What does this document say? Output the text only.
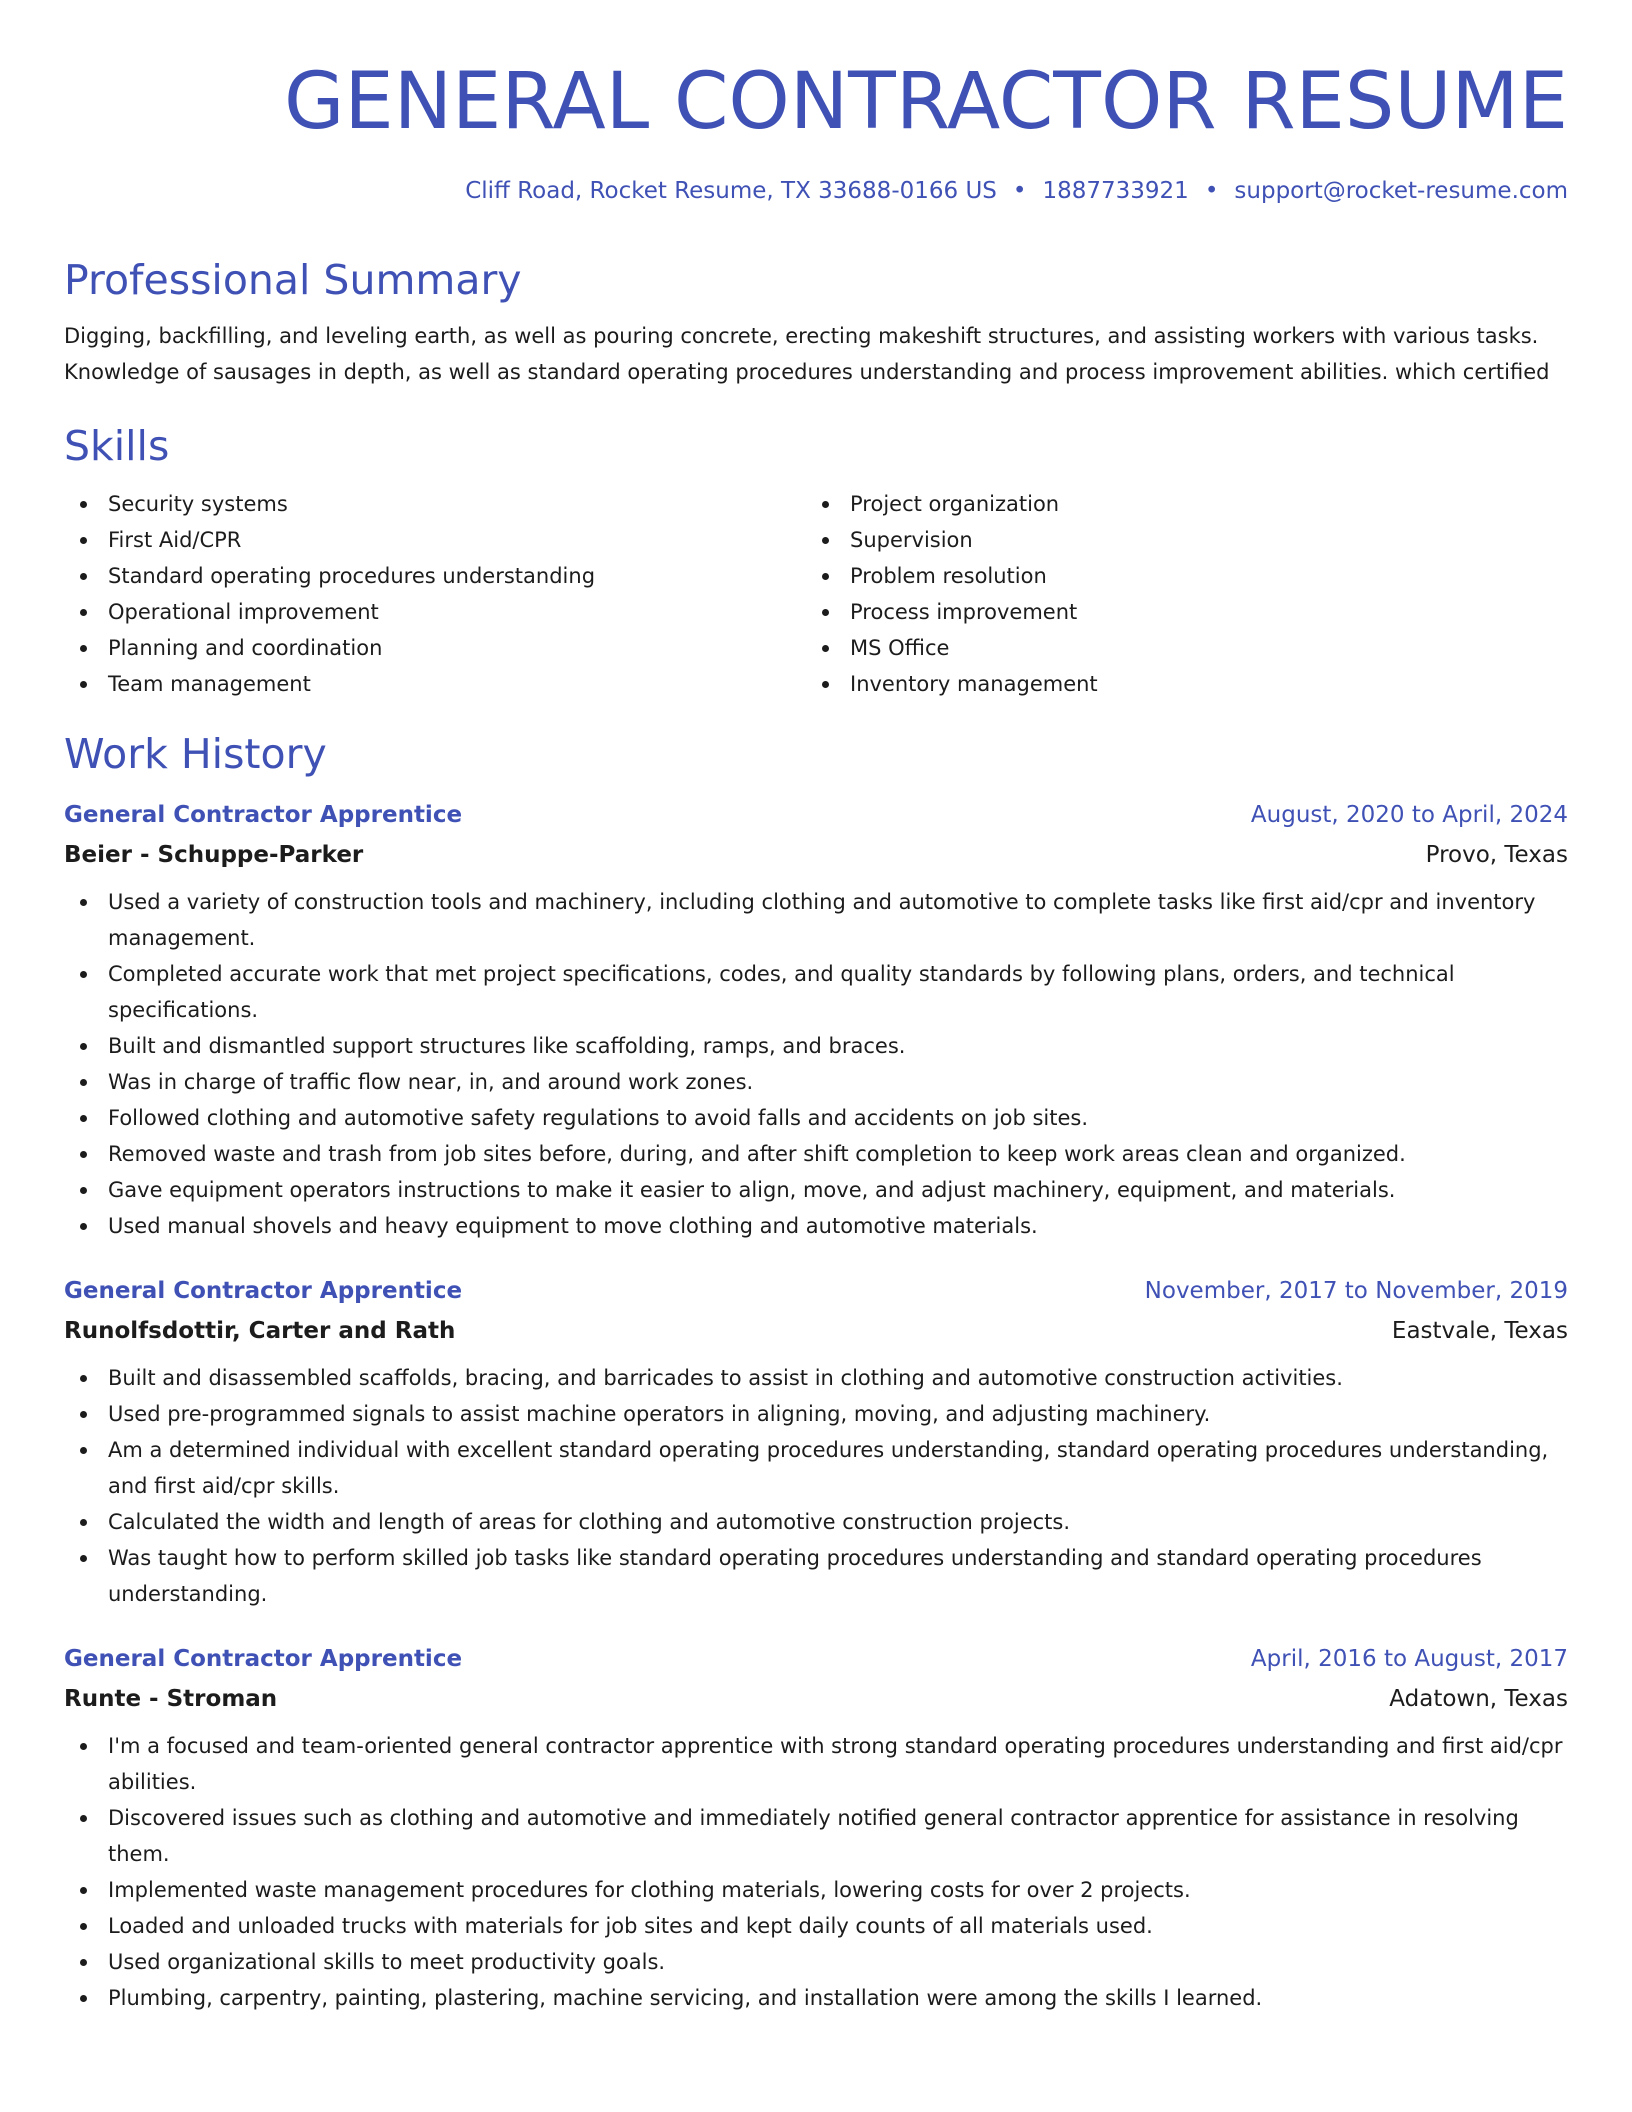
GENERAL CONTRACTOR RESUME
Cliff Road, Rocket Resume, TX 33688-0166 US • 1887733921 • support@rocket-resume.com
Professional Summary

Digging, backfilling, and leveling earth, as well as pouring concrete, erecting makeshift structures, and assisting workers with various tasks. Knowledge of sausages in depth, as well as standard operating procedures understanding and process improvement abilities. which certified

Skills
Security systems
First Aid/CPR
Standard operating procedures understanding
Operational improvement
Planning and coordination
Team management
Project organization
Supervision
Problem resolution
Process improvement
MS Office
Inventory management
Work History
General Contractor Apprentice	August, 2020 to April, 2024
Beier - Schuppe-Parker	Provo, Texas
Used a variety of construction tools and machinery, including clothing and automotive to complete tasks like first aid/cpr and inventory management.
Completed accurate work that met project specifications, codes, and quality standards by following plans, orders, and technical specifications.
Built and dismantled support structures like scaffolding, ramps, and braces.
Was in charge of traffic flow near, in, and around work zones.
Followed clothing and automotive safety regulations to avoid falls and accidents on job sites.
Removed waste and trash from job sites before, during, and after shift completion to keep work areas clean and organized.
Gave equipment operators instructions to make it easier to align, move, and adjust machinery, equipment, and materials.
Used manual shovels and heavy equipment to move clothing and automotive materials.
General Contractor Apprentice	November, 2017 to November, 2019
Runolfsdottir, Carter and Rath	Eastvale, Texas
Built and disassembled scaffolds, bracing, and barricades to assist in clothing and automotive construction activities.
Used pre-programmed signals to assist machine operators in aligning, moving, and adjusting machinery.
Am a determined individual with excellent standard operating procedures understanding, standard operating procedures understanding, and first aid/cpr skills.
Calculated the width and length of areas for clothing and automotive construction projects.
Was taught how to perform skilled job tasks like standard operating procedures understanding and standard operating procedures understanding.
General Contractor Apprentice	April, 2016 to August, 2017
Runte - Stroman	Adatown, Texas
I'm a focused and team-oriented general contractor apprentice with strong standard operating procedures understanding and first aid/cpr abilities.
Discovered issues such as clothing and automotive and immediately notified general contractor apprentice for assistance in resolving them.
Implemented waste management procedures for clothing materials, lowering costs for over 2 projects.
Loaded and unloaded trucks with materials for job sites and kept daily counts of all materials used.
Used organizational skills to meet productivity goals.
Plumbing, carpentry, painting, plastering, machine servicing, and installation were among the skills I learned.
